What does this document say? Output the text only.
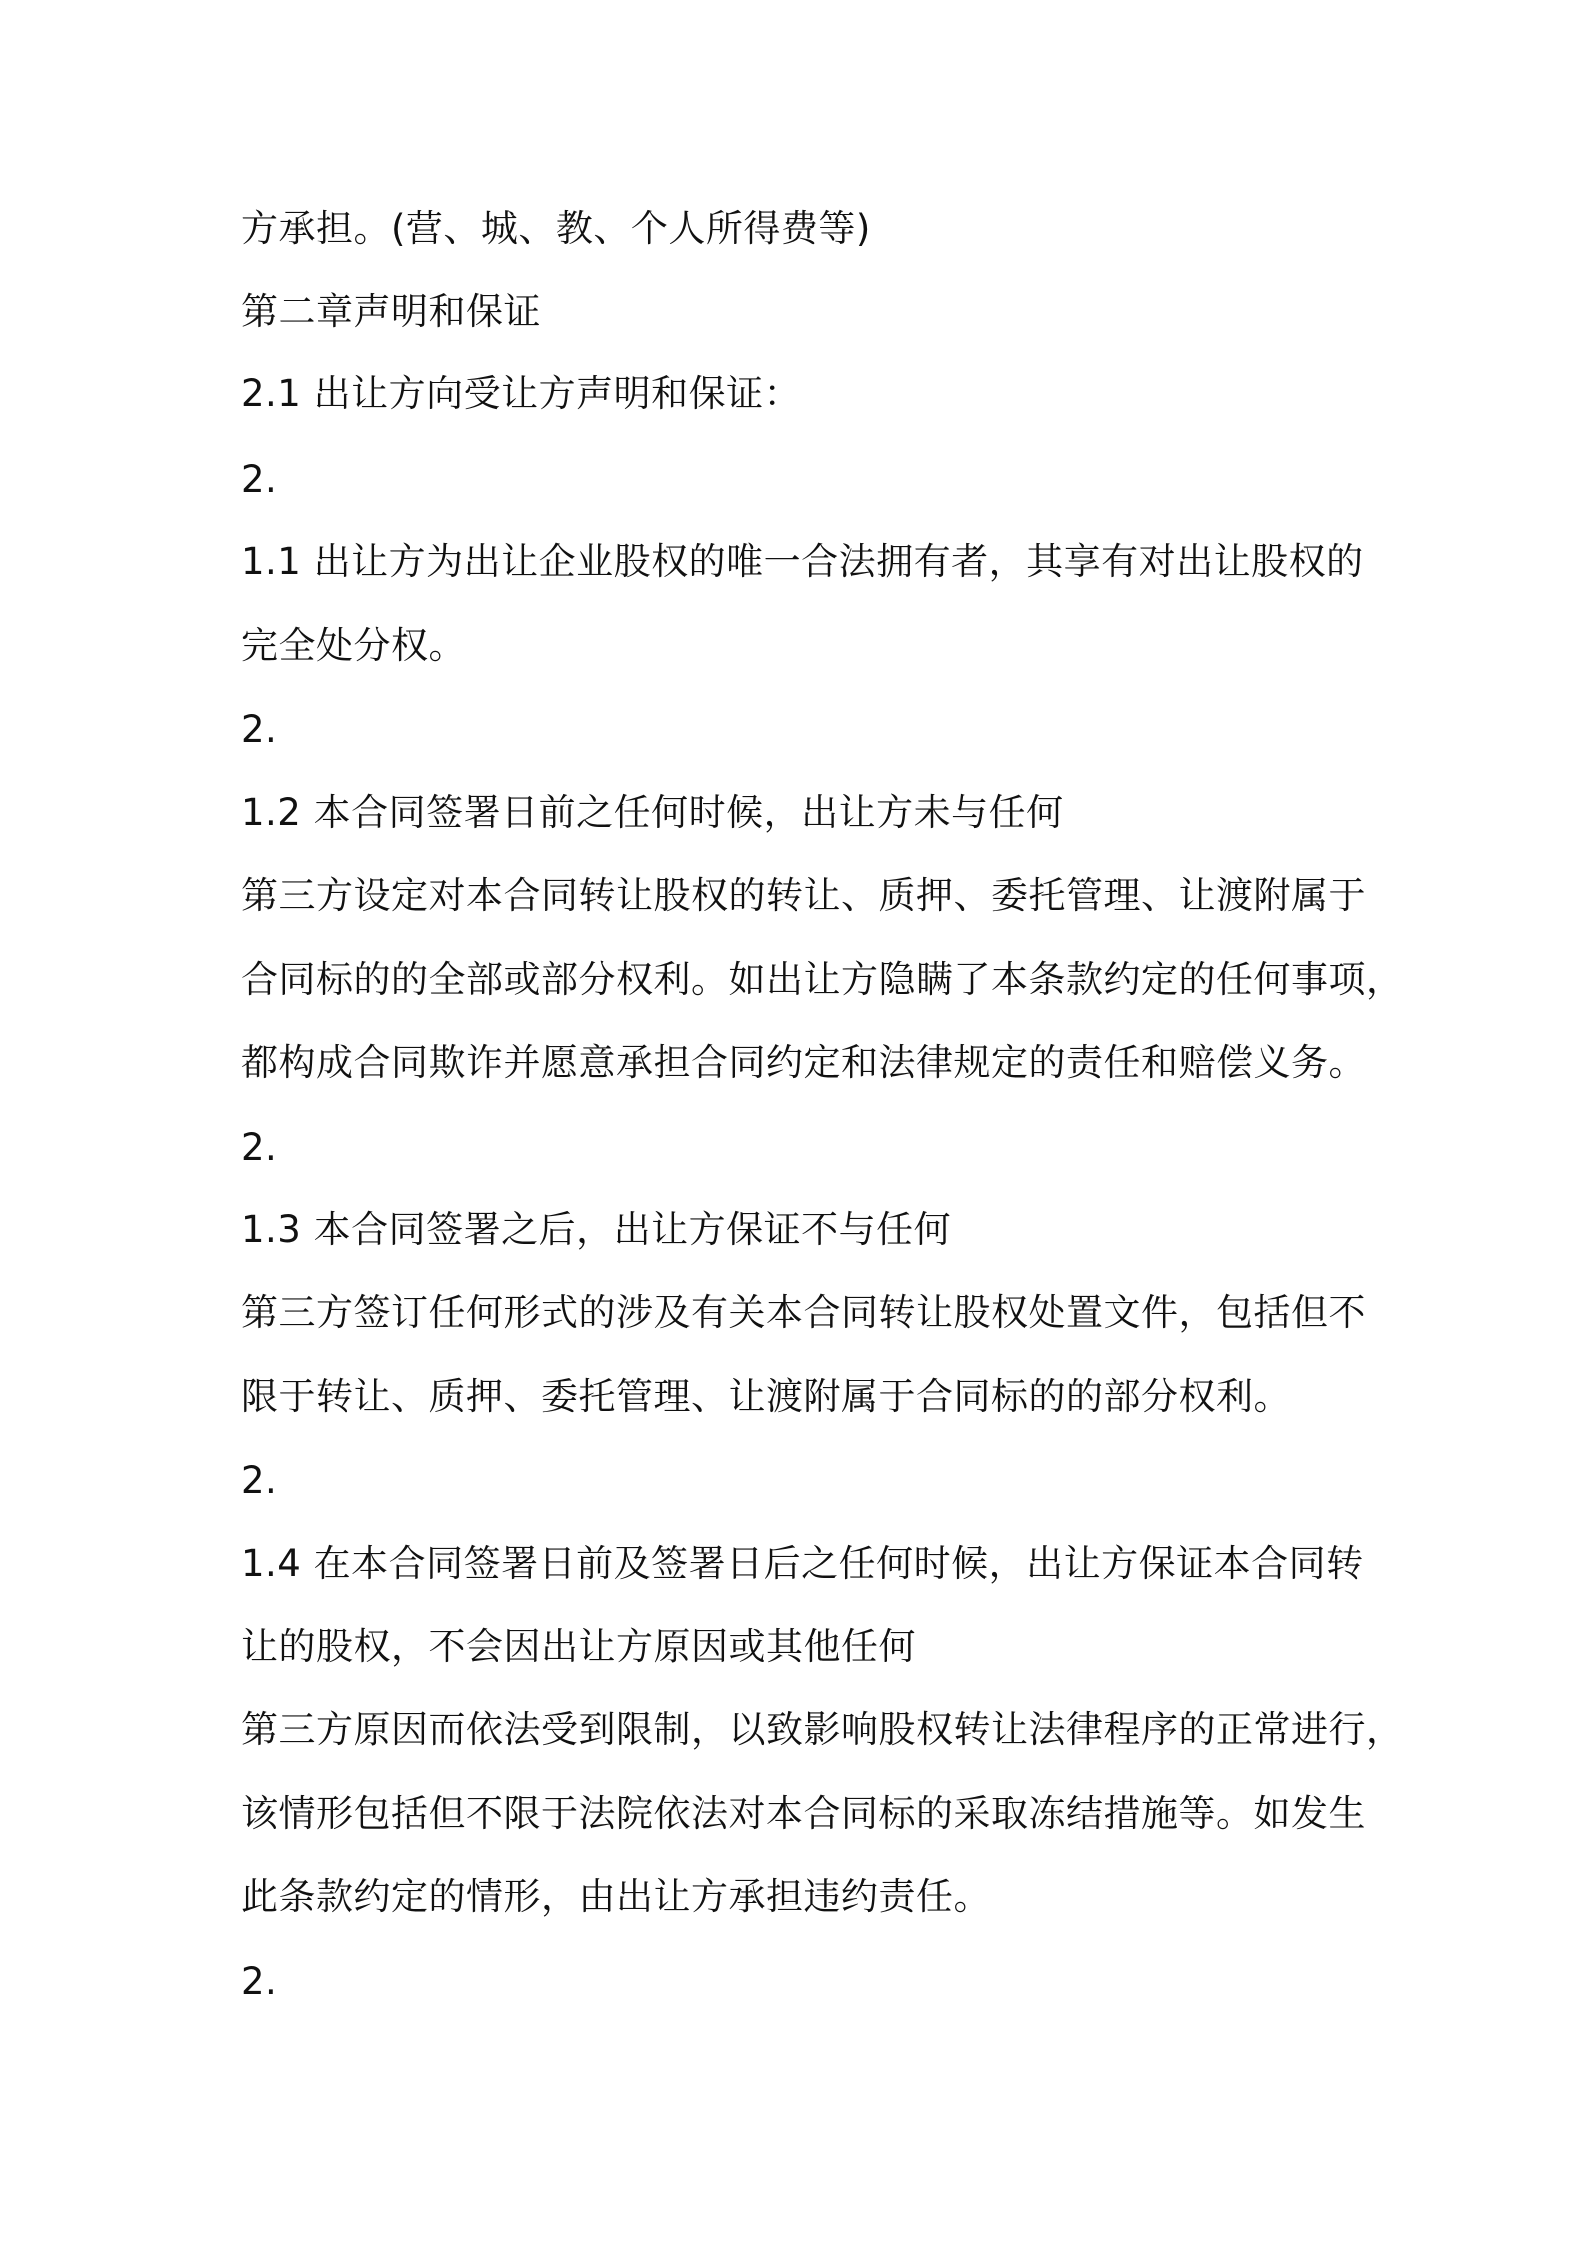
方承担。(营、城、教、个人所得费等)
第二章声明和保证
2.1 出让方向受让方声明和保证：
2.
1.1 出让方为出让企业股权的唯一合法拥有者，其享有对出让股权的
完全处分权。
2.
1.2 本合同签署日前之任何时候，出让方未与任何
第三方设定对本合同转让股权的转让、质押、委托管理、让渡附属于
合同标的的全部或部分权利。如出让方隐瞒了本条款约定的任何事项，
都构成合同欺诈并愿意承担合同约定和法律规定的责任和赔偿义务。
2.
1.3 本合同签署之后，出让方保证不与任何
第三方签订任何形式的涉及有关本合同转让股权处置文件，包括但不
限于转让、质押、委托管理、让渡附属于合同标的的部分权利。
2.
1.4 在本合同签署日前及签署日后之任何时候，出让方保证本合同转
让的股权，不会因出让方原因或其他任何
第三方原因而依法受到限制，以致影响股权转让法律程序的正常进行，
该情形包括但不限于法院依法对本合同标的采取冻结措施等。如发生
此条款约定的情形，由出让方承担违约责任。
2.
